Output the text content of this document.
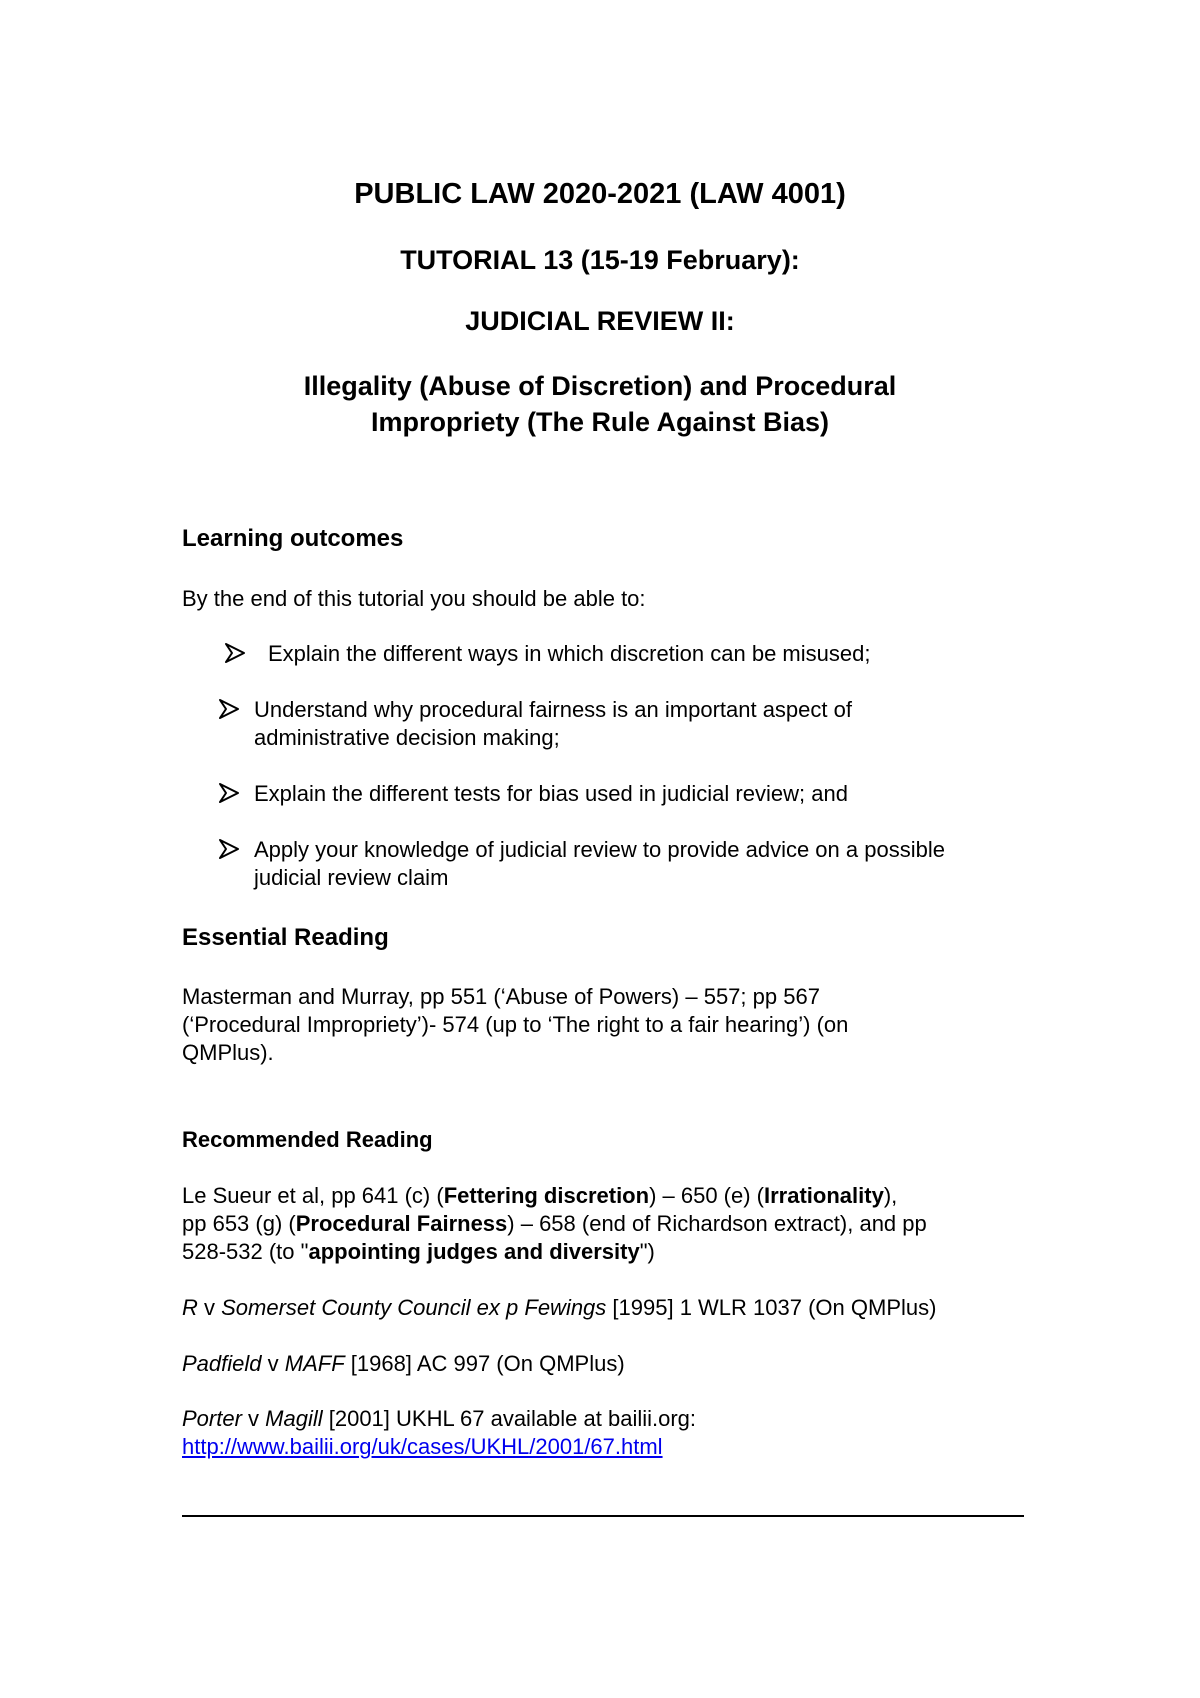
PUBLIC LAW 2020-2021 (LAW 4001)
TUTORIAL 13 (15-19 February):
JUDICIAL REVIEW II:
Illegality (Abuse of Discretion) and Procedural
Impropriety (The Rule Against Bias)
Learning outcomes
By the end of this tutorial you should be able to:
Explain the different ways in which discretion can be misused;
Understand why procedural fairness is an important aspect of
administrative decision making;
Explain the different tests for bias used in judicial review; and
Apply your knowledge of judicial review to provide advice on a possible
judicial review claim
Essential Reading
Masterman and Murray, pp 551 (‘Abuse of Powers) – 557; pp 567
(‘Procedural Impropriety’)- 574 (up to ‘The right to a fair hearing’) (on
QMPlus).
Recommended Reading
Le Sueur et al, pp 641 (c) (Fettering discretion) – 650 (e) (Irrationality),
pp 653 (g) (Procedural Fairness) – 658 (end of Richardson extract), and pp
528-532 (to "appointing judges and diversity")
R v Somerset County Council ex p Fewings [1995] 1 WLR 1037 (On QMPlus)
Padfield v MAFF [1968] AC 997 (On QMPlus)
Porter v Magill [2001] UKHL 67 available at bailii.org:
http://www.bailii.org/uk/cases/UKHL/2001/67.html
